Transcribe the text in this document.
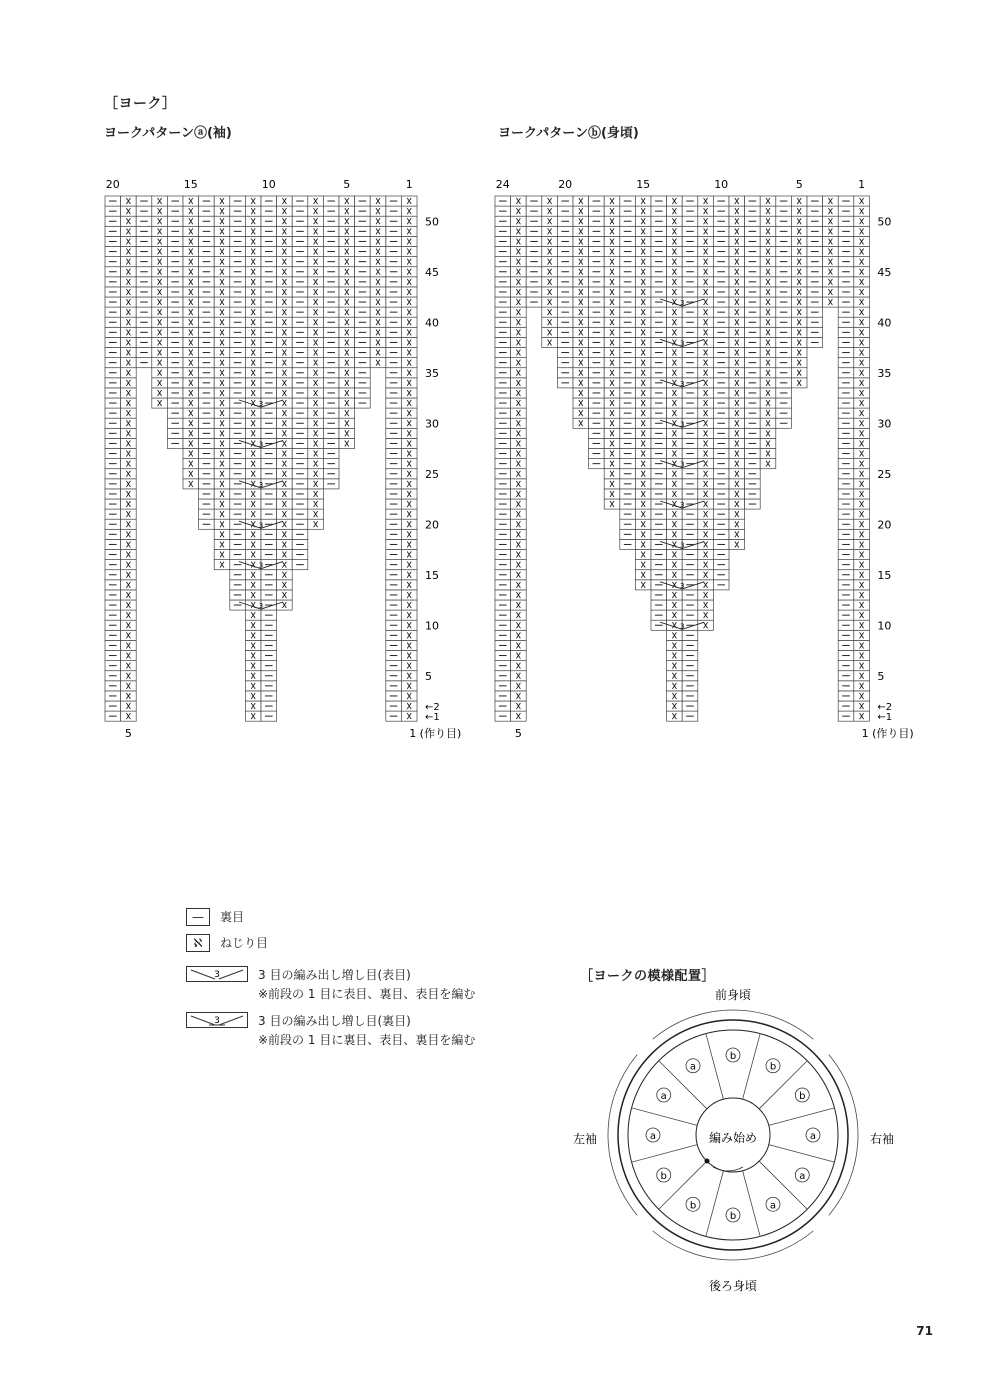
［ヨーク］
ヨークパターンⓐ(袖)	ヨークパターンⓑ(身頃)
20	15	10	5	1
3
3
3
3
3
3
50
45
40
35
30
25
20
15
10
5
←2
←1
5	1 (作り目)
24	20	15	10	5	1
3
3
3
3
3
3
3
3
3
50
45
40
35
30
25
20
15
10
5
←2
←1
5	1 (作り目)
—	裏目
ℵ	ねじり目
3	3 目の編み出し増し目(表目)
※前段の 1 目に表目、裏目、表目を編む
3	3 目の編み出し増し目(裏目)
※前段の 1 目に裏目、表目、裏目を編む
［ヨークの模様配置］
b
b
a
a
a
b
b
b
a
a
a
b
前身頃
後ろ身頃
左袖	右袖
編み始め
71
